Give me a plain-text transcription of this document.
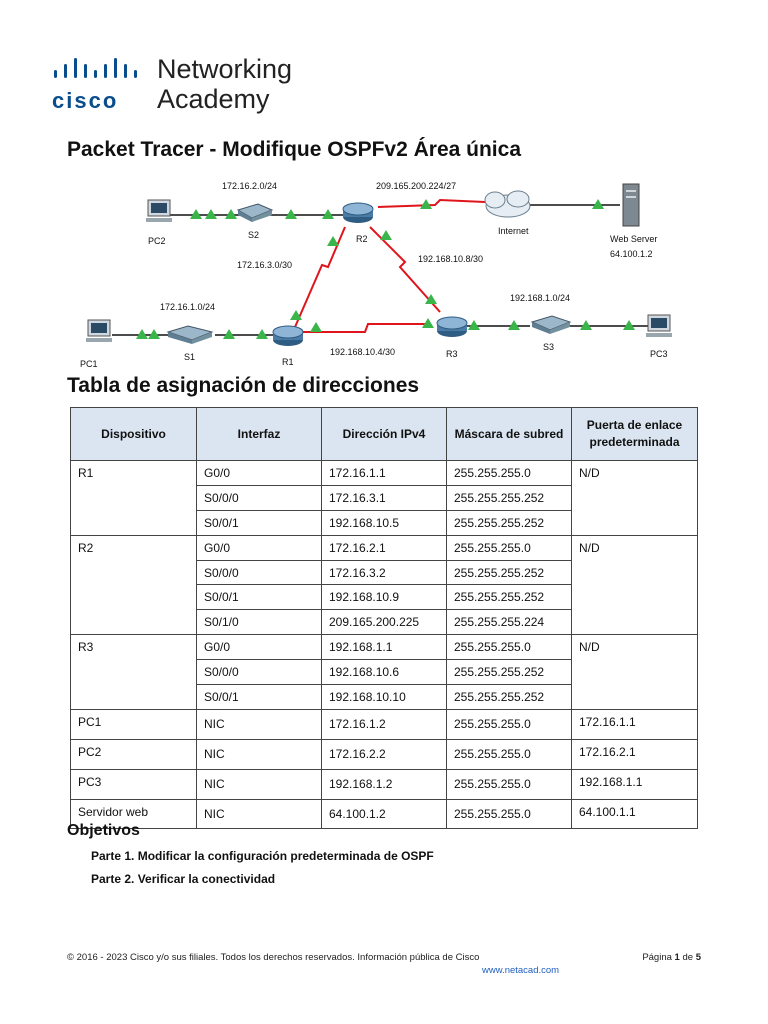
cisco
Networking
Academy
Packet Tracer - Modifique OSPFv2 Área única
172.16.2.0/24	209.165.200.224/27
PC2
S2	R2
Internet
Web Server
64.100.1.2
172.16.3.0/30
192.168.10.8/30
172.16.1.0/24
192.168.1.0/24
PC1
S1	R1
192.168.10.4/30	R3
S3
PC3
Tabla de asignación de direcciones
Dispositivo	Interfaz	Dirección IPv4	Máscara de subred	Puerta de enlace predeterminada
R1	G0/0	172.16.1.1	255.255.255.0	N/D
	S0/0/0	172.16.3.1	255.255.255.252	
	S0/0/1	192.168.10.5	255.255.255.252	
R2	G0/0	172.16.2.1	255.255.255.0	N/D
	S0/0/0	172.16.3.2	255.255.255.252	
	S0/0/1	192.168.10.9	255.255.255.252	
	S0/1/0	209.165.200.225	255.255.255.224	
R3	G0/0	192.168.1.1	255.255.255.0	N/D
	S0/0/0	192.168.10.6	255.255.255.252	
	S0/0/1	192.168.10.10	255.255.255.252	
PC1	NIC	172.16.1.2	255.255.255.0	172.16.1.1
PC2	NIC	172.16.2.2	255.255.255.0	172.16.2.1
PC3	NIC	192.168.1.2	255.255.255.0	192.168.1.1
Servidor web	NIC	64.100.1.2	255.255.255.0	64.100.1.1
Objetivos
Parte 1. Modificar la configuración predeterminada de OSPF
Parte 2. Verificar la conectividad
© 2016 - 2023 Cisco y/o sus filiales. Todos los derechos reservados. Información pública de Cisco	Página 1 de 5
www.netacad.com
